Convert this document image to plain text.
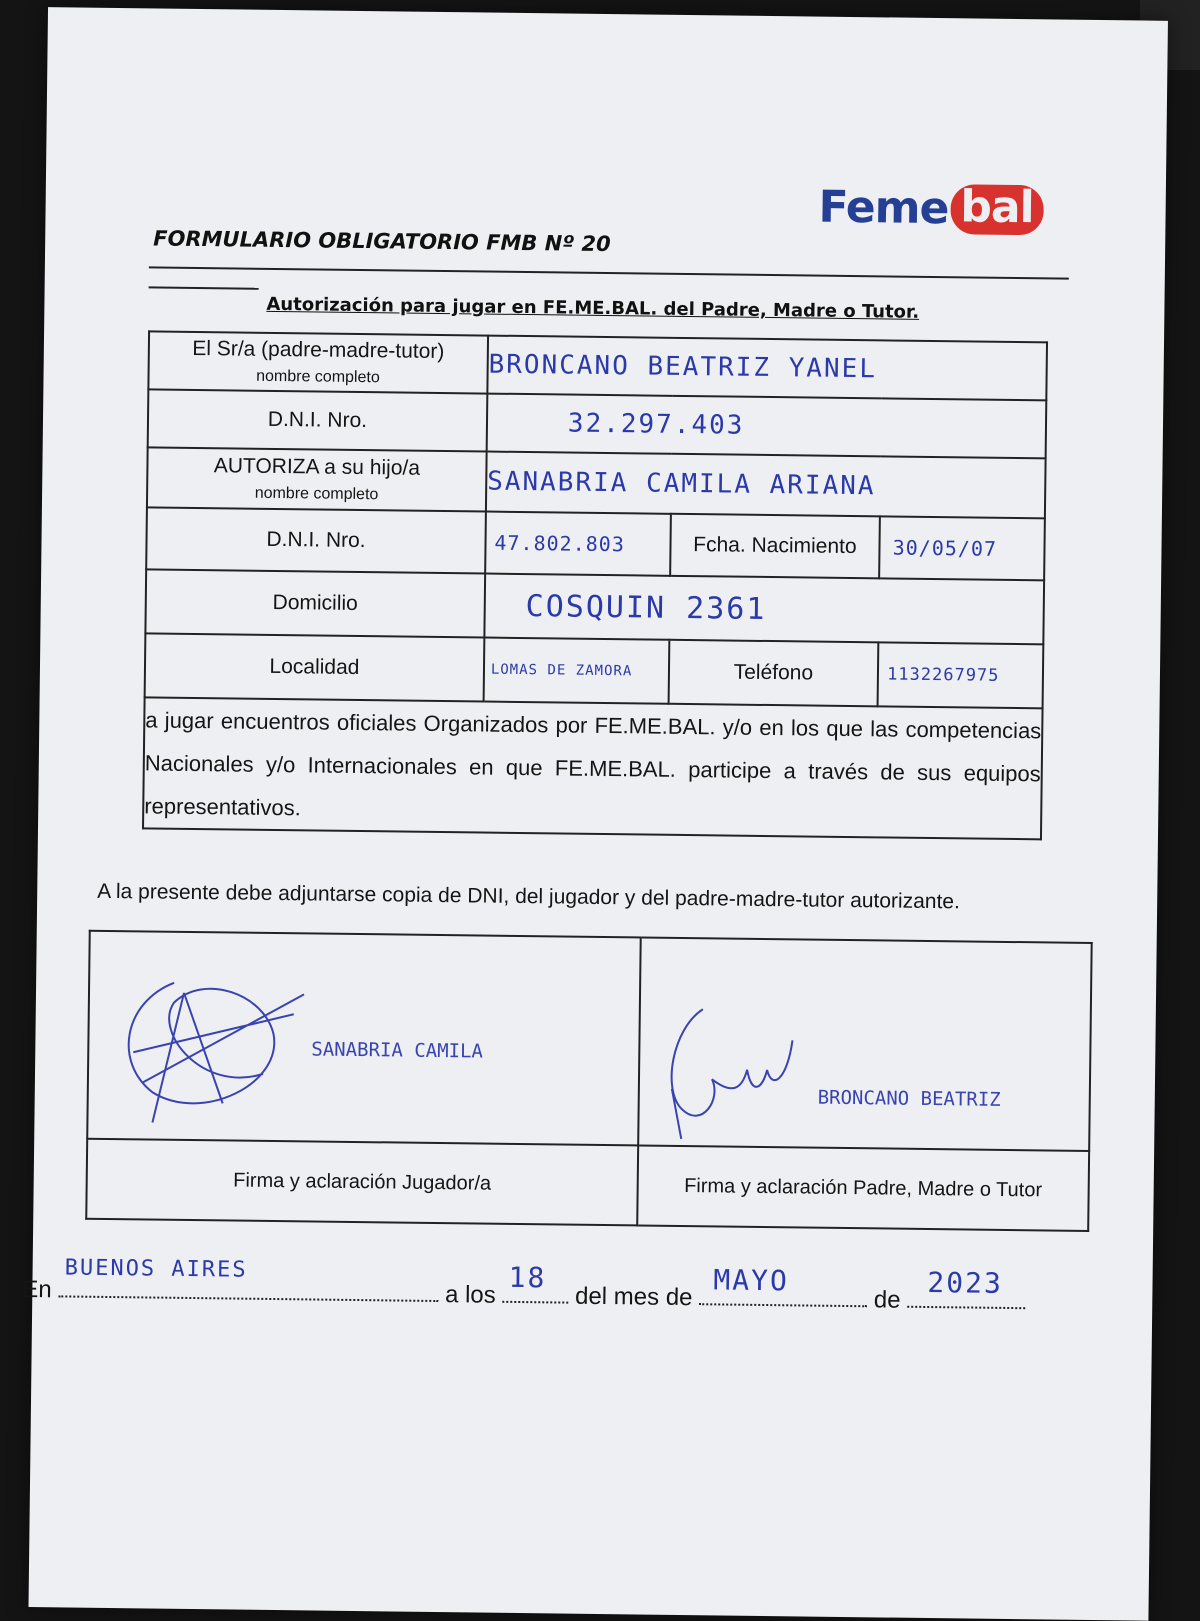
Feme bal
FORMULARIO OBLIGATORIO FMB Nº 20
Autorización para jugar en FE.ME.BAL. del Padre, Madre o Tutor.
El Sr/a (padre-madre-tutor)
nombre completo	BRONCANO BEATRIZ YANEL		
D.N.I. Nro.	32.297.403		
AUTORIZA a su hijo/a
nombre completo	SANABRIA CAMILA ARIANA		
D.N.I. Nro.	47.802.803	Fcha. Nacimiento	30/05/07
Domicilio	COSQUIN 2361		
Localidad	LOMAS DE ZAMORA	Teléfono	1132267975
a jugar encuentros oficiales Organizados por FE.ME.BAL. y/o en los que las competencias Nacionales y/o Internacionales en que FE.ME.BAL. participe a través de sus equipos representativos.			
A la presente debe adjuntarse copia de DNI, del jugador y del padre-madre-tutor autorizante.
SANABRIA CAMILA	BRONCANO BEATRIZ

Firma y aclaración Jugador/a	Firma y aclaración Padre, Madre o Tutor
En
BUENOS AIRES
a los
18
del mes de MAYO
de
2023
